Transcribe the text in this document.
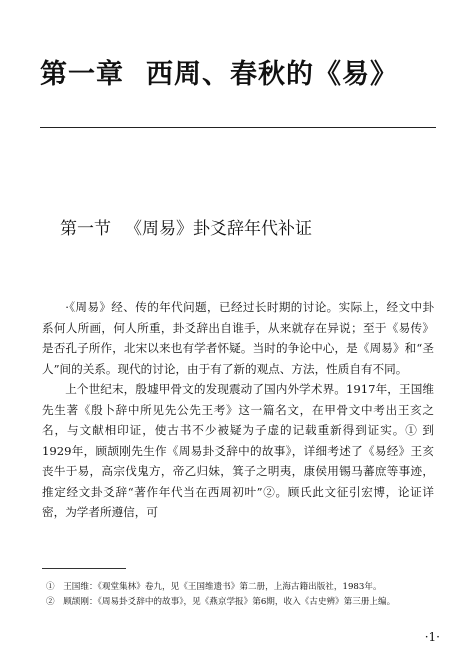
第一章 西周、春秋的《易》
第一节 《周易》卦爻辞年代补证

·《周易》经、传的年代问题，已经过长时期的讨论。实际上，经文中卦系何人所画，何人所重，卦爻辞出自谁手，从来就存在异说；至于《易传》是否孔子所作，北宋以来也有学者怀疑。当时的争论中心，是《周易》和“圣人”间的关系。现代的讨论，由于有了新的观点、方法，性质自有不同。

上个世纪末，殷墟甲骨文的发现震动了国内外学术界。1917年，王国维先生著《殷卜辞中所见先公先王考》这一篇名文，在甲骨文中考出王亥之名，与文献相印证，使古书不少被疑为子虚的记载重新得到证实。① 到1929年，顾颉刚先生作《周易卦爻辞中的故事》，详细考述了《易经》王亥丧牛于易，高宗伐鬼方，帝乙归妹，箕子之明夷，康侯用锡马蕃庶等事迹，推定经文卦爻辞“著作年代当在西周初叶”②。顾氏此文征引宏博，论证详密，为学者所遵信，可

①　王国维：《观堂集林》卷九，见《王国维遗书》第二册，上海古籍出版社，1983年。

②　顾颉刚：《周易卦爻辞中的故事》，见《燕京学报》第6期，收入《古史辨》第三册上编。

·1·
